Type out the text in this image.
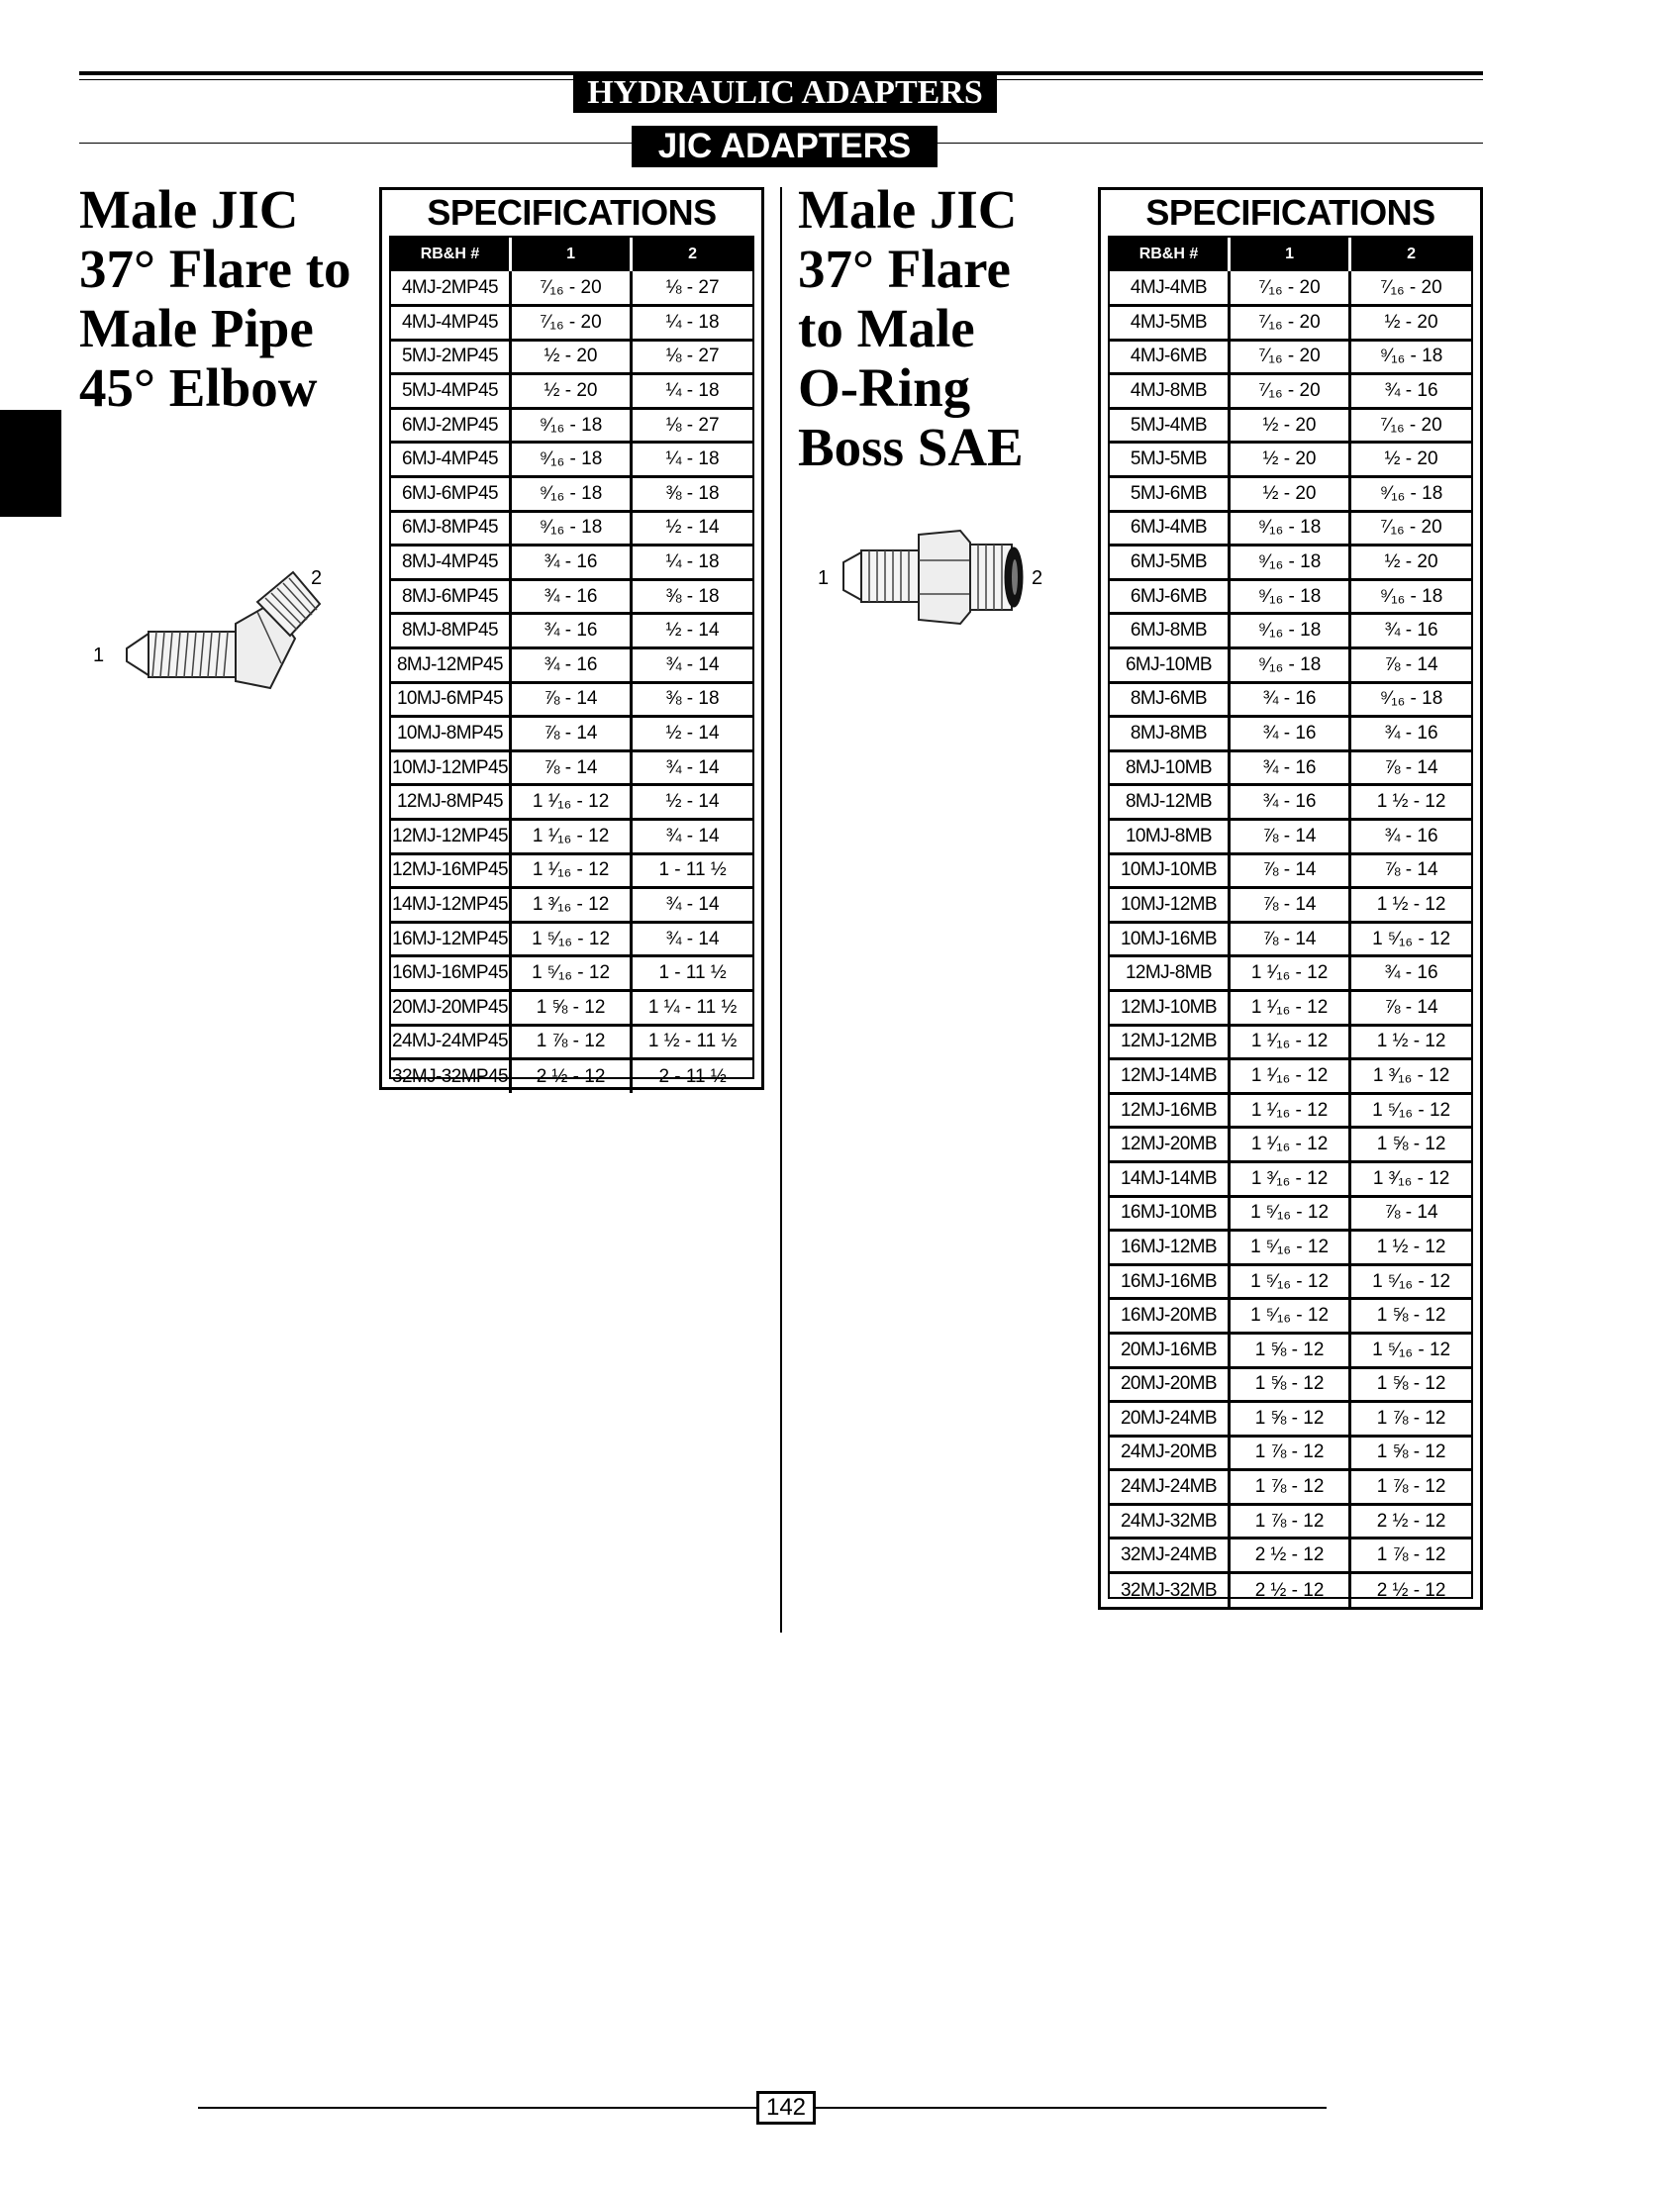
HYDRAULIC ADAPTERS
JIC ADAPTERS
Male JIC
37° Flare to
Male Pipe
45° Elbow
1
2
SPECIFICATIONS
RB&H #	1	2
4MJ-2MP45	⁷⁄₁₆ - 20	⅛ - 27
4MJ-4MP45	⁷⁄₁₆ - 20	¼ - 18
5MJ-2MP45	½ - 20	⅛ - 27
5MJ-4MP45	½ - 20	¼ - 18
6MJ-2MP45	⁹⁄₁₆ - 18	⅛ - 27
6MJ-4MP45	⁹⁄₁₆ - 18	¼ - 18
6MJ-6MP45	⁹⁄₁₆ - 18	⅜ - 18
6MJ-8MP45	⁹⁄₁₆ - 18	½ - 14
8MJ-4MP45	¾ - 16	¼ - 18
8MJ-6MP45	¾ - 16	⅜ - 18
8MJ-8MP45	¾ - 16	½ - 14
8MJ-12MP45	¾ - 16	¾ - 14
10MJ-6MP45	⅞ - 14	⅜ - 18
10MJ-8MP45	⅞ - 14	½ - 14
10MJ-12MP45	⅞ - 14	¾ - 14
12MJ-8MP45	1 ¹⁄₁₆ - 12	½ - 14
12MJ-12MP45	1 ¹⁄₁₆ - 12	¾ - 14
12MJ-16MP45	1 ¹⁄₁₆ - 12	1 - 11 ½
14MJ-12MP45	1 ³⁄₁₆ - 12	¾ - 14
16MJ-12MP45	1 ⁵⁄₁₆ - 12	¾ - 14
16MJ-16MP45	1 ⁵⁄₁₆ - 12	1 - 11 ½
20MJ-20MP45	1 ⅝ - 12	1 ¼ - 11 ½
24MJ-24MP45	1 ⅞ - 12	1 ½ - 11 ½
32MJ-32MP45	2 ½ - 12	2 - 11 ½
Male JIC
37° Flare
to Male
O-Ring
Boss SAE
1	2
SPECIFICATIONS
RB&H #	1	2
4MJ-4MB	⁷⁄₁₆ - 20	⁷⁄₁₆ - 20
4MJ-5MB	⁷⁄₁₆ - 20	½ - 20
4MJ-6MB	⁷⁄₁₆ - 20	⁹⁄₁₆ - 18
4MJ-8MB	⁷⁄₁₆ - 20	¾ - 16
5MJ-4MB	½ - 20	⁷⁄₁₆ - 20
5MJ-5MB	½ - 20	½ - 20
5MJ-6MB	½ - 20	⁹⁄₁₆ - 18
6MJ-4MB	⁹⁄₁₆ - 18	⁷⁄₁₆ - 20
6MJ-5MB	⁹⁄₁₆ - 18	½ - 20
6MJ-6MB	⁹⁄₁₆ - 18	⁹⁄₁₆ - 18
6MJ-8MB	⁹⁄₁₆ - 18	¾ - 16
6MJ-10MB	⁹⁄₁₆ - 18	⅞ - 14
8MJ-6MB	¾ - 16	⁹⁄₁₆ - 18
8MJ-8MB	¾ - 16	¾ - 16
8MJ-10MB	¾ - 16	⅞ - 14
8MJ-12MB	¾ - 16	1 ½ - 12
10MJ-8MB	⅞ - 14	¾ - 16
10MJ-10MB	⅞ - 14	⅞ - 14
10MJ-12MB	⅞ - 14	1 ½ - 12
10MJ-16MB	⅞ - 14	1 ⁵⁄₁₆ - 12
12MJ-8MB	1 ¹⁄₁₆ - 12	¾ - 16
12MJ-10MB	1 ¹⁄₁₆ - 12	⅞ - 14
12MJ-12MB	1 ¹⁄₁₆ - 12	1 ½ - 12
12MJ-14MB	1 ¹⁄₁₆ - 12	1 ³⁄₁₆ - 12
12MJ-16MB	1 ¹⁄₁₆ - 12	1 ⁵⁄₁₆ - 12
12MJ-20MB	1 ¹⁄₁₆ - 12	1 ⅝ - 12
14MJ-14MB	1 ³⁄₁₆ - 12	1 ³⁄₁₆ - 12
16MJ-10MB	1 ⁵⁄₁₆ - 12	⅞ - 14
16MJ-12MB	1 ⁵⁄₁₆ - 12	1 ½ - 12
16MJ-16MB	1 ⁵⁄₁₆ - 12	1 ⁵⁄₁₆ - 12
16MJ-20MB	1 ⁵⁄₁₆ - 12	1 ⅝ - 12
20MJ-16MB	1 ⅝ - 12	1 ⁵⁄₁₆ - 12
20MJ-20MB	1 ⅝ - 12	1 ⅝ - 12
20MJ-24MB	1 ⅝ - 12	1 ⅞ - 12
24MJ-20MB	1 ⅞ - 12	1 ⅝ - 12
24MJ-24MB	1 ⅞ - 12	1 ⅞ - 12
24MJ-32MB	1 ⅞ - 12	2 ½ - 12
32MJ-24MB	2 ½ - 12	1 ⅞ - 12
32MJ-32MB	2 ½ - 12	2 ½ - 12
142
